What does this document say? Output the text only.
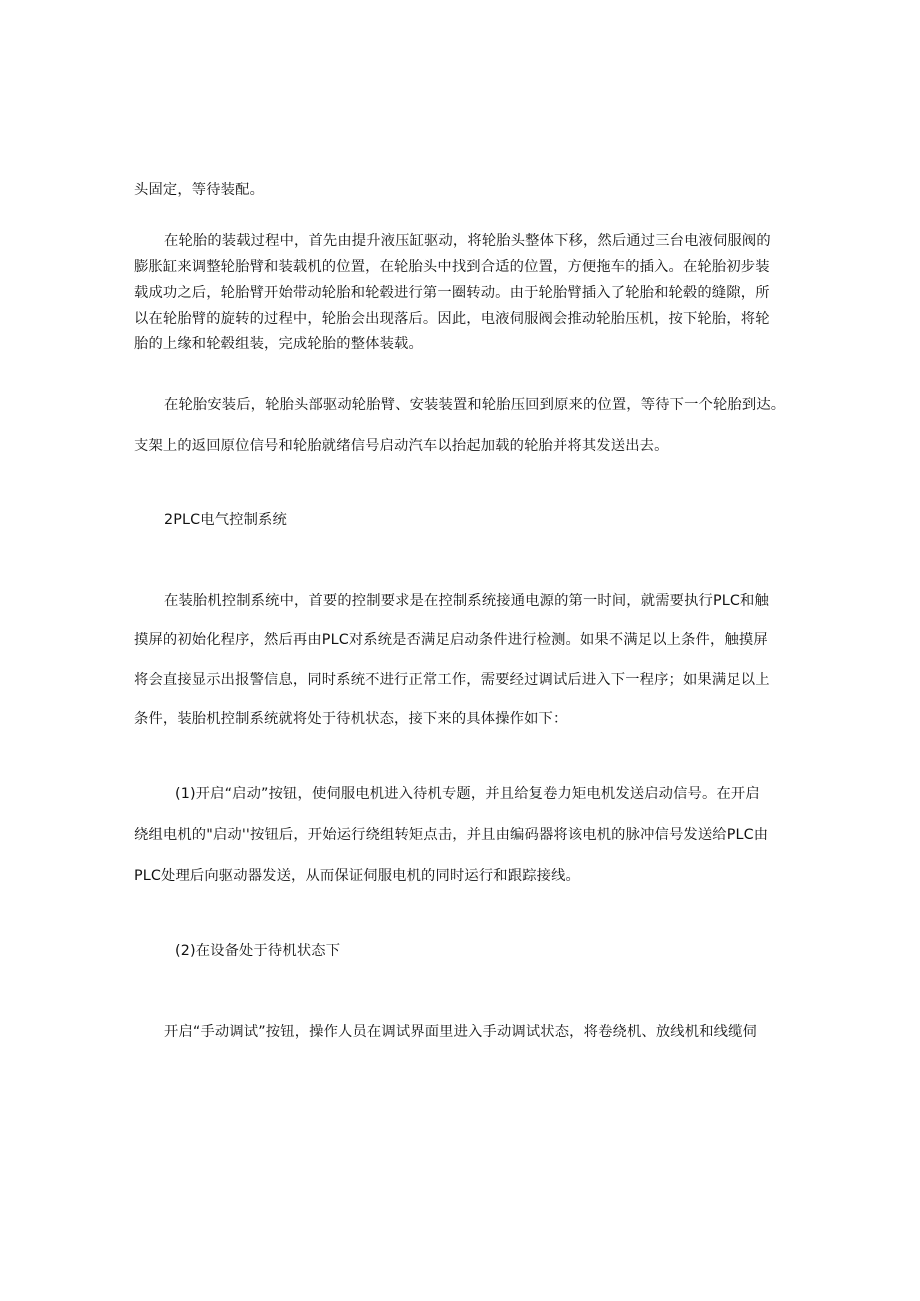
头固定，等待装配。

在轮胎的装载过程中，首先由提升液压缸驱动，将轮胎头整体下移，然后通过三台电液伺服阀的

膨胀缸来调整轮胎臂和装载机的位置，在轮胎头中找到合适的位置，方便拖车的插入。在轮胎初步装

载成功之后，轮胎臂开始带动轮胎和轮毂进行第一圈转动。由于轮胎臂插入了轮胎和轮毂的缝隙，所

以在轮胎臂的旋转的过程中，轮胎会出现落后。因此，电液伺服阀会推动轮胎压机，按下轮胎，将轮

胎的上缘和轮毂组装，完成轮胎的整体装载。

在轮胎安装后，轮胎头部驱动轮胎臂、安装装置和轮胎压回到原来的位置，等待下一个轮胎到达。

支架上的返回原位信号和轮胎就绪信号启动汽车以抬起加载的轮胎并将其发送出去。

2PLC电气控制系统

在装胎机控制系统中，首要的控制要求是在控制系统接通电源的第一时间，就需要执行PLC和触

摸屏的初始化程序，然后再由PLC对系统是否满足启动条件进行检测。如果不满足以上条件，触摸屏

将会直接显示出报警信息，同时系统不进行正常工作，需要经过调试后进入下一程序；如果满足以上

条件，装胎机控制系统就将处于待机状态，接下来的具体操作如下：

(1)开启“启动”按钮，使伺服电机进入待机专题，并且给复卷力矩电机发送启动信号。在开启

绕组电机的"启动''按钮后，开始运行绕组转矩点击，并且由编码器将该电机的脉冲信号发送给PLC由

PLC处理后向驱动器发送，从而保证伺服电机的同时运行和跟踪接线。

(2)在设备处于待机状态下

开启“手动调试”按钮，操作人员在调试界面里进入手动调试状态，将卷绕机、放线机和线缆伺
